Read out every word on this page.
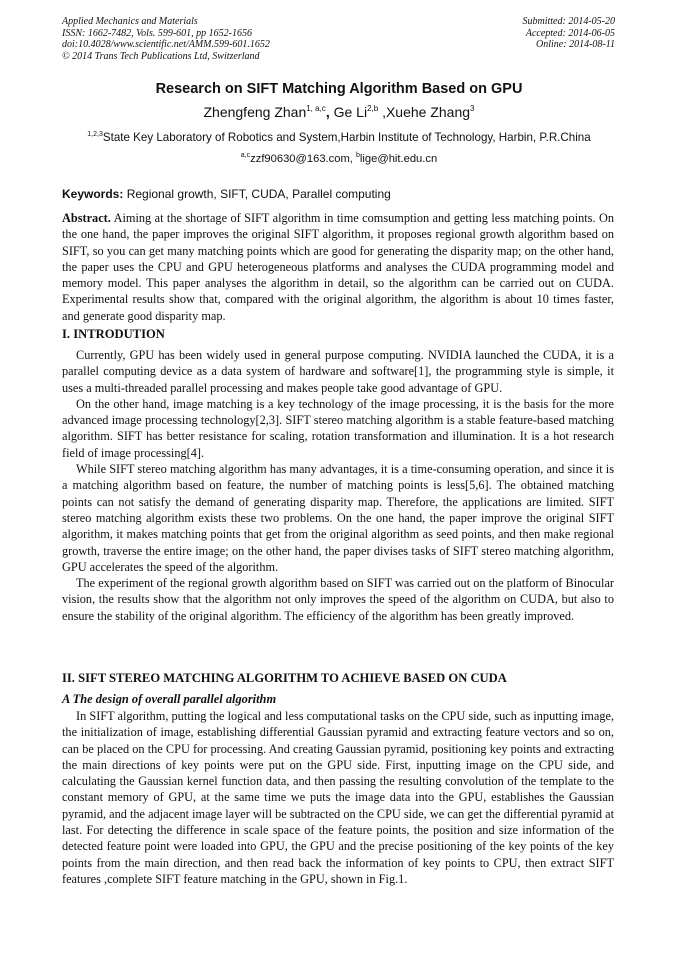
Applied Mechanics and Materials
ISSN: 1662-7482, Vols. 599-601, pp 1652-1656
doi:10.4028/www.scientific.net/AMM.599-601.1652
© 2014 Trans Tech Publications Ltd, Switzerland
Submitted: 2014-05-20
Accepted: 2014-06-05
Online: 2014-08-11
Research on SIFT Matching Algorithm Based on GPU
Zhengfeng Zhan$^{1, a,c}$, Ge Li$^{2,b}$ ,Xuehe Zhang$^3$
$^{1,2,3}$State Key Laboratory of Robotics and System,Harbin Institute of Technology, Harbin, P.R.China
$^{a,c}$zzf90630@163.com, $^b$lige@hit.edu.cn
Keywords: Regional growth, SIFT, CUDA, Parallel computing

Abstract. Aiming at the shortage of SIFT algorithm in time comsumption and getting less matching points. On the one hand, the paper improves the original SIFT algorithm, it proposes regional growth algorithm based on SIFT, so you can get many matching points which are good for generating the disparity map; on the other hand, the paper uses the CPU and GPU heterogeneous platforms and analyses the CUDA programming model and memory model. This paper analyses the algorithm in detail, so the algorithm can be carried out on CUDA. Experimental results show that, compared with the original algorithm, the algorithm is about 10 times faster, and generate good disparity map.

I. INTRODUTION

Currently, GPU has been widely used in general purpose computing. NVIDIA launched the CUDA, it is a parallel computing device as a data system of hardware and software[1], the programming style is simple, it uses a multi-threaded parallel processing and makes people take good advantage of GPU.

On the other hand, image matching is a key technology of the image processing, it is the basis for the more advanced image processing technology[2,3]. SIFT stereo matching algorithm is a stable feature-based matching algorithm. SIFT has better resistance for scaling, rotation transformation and illumination. It is a hot research field of image processing[4].

While SIFT stereo matching algorithm has many advantages, it is a time-consuming operation, and since it is a matching algorithm based on feature, the number of matching points is less[5,6]. The obtained matching points can not satisfy the demand of generating disparity map. Therefore, the applications are limited. SIFT stereo matching algorithm exists these two problems. On the one hand, the paper improve the original SIFT algorithm, it makes matching points that get from the original algorithm as seed points, and then make regional growth, traverse the entire image; on the other hand, the paper divises tasks of SIFT stereo matching algorithm, GPU accelerates the speed of the algorithm.

The experiment of the regional growth algorithm based on SIFT was carried out on the platform of Binocular vision, the results show that the algorithm not only improves the speed of the algorithm on CUDA, but also to ensure the stability of the original algorithm. The efficiency of the algorithm has been greatly improved.

II. SIFT STEREO MATCHING ALGORITHM TO ACHIEVE BASED ON CUDA
A The design of overall parallel algorithm

In SIFT algorithm, putting the logical and less computational tasks on the CPU side, such as inputting image, the initialization of image, establishing differential Gaussian pyramid and extracting feature vectors and so on, can be placed on the CPU for processing. And creating Gaussian pyramid, positioning key points and extracting the main directions of key points were put on the GPU side. First, inputting image on the CPU side, and calculating the Gaussian kernel function data, and then passing the resulting convolution of the template to the constant memory of GPU, at the same time we puts the image data into the GPU, establishes the Gaussian pyramid, and the adjacent image layer will be subtracted on the CPU side, we can get the differential pyramid at last. For detecting the difference in scale space of the feature points, the position and size information of the detected feature point were loaded into GPU, the GPU and the precise positioning of the key points of the key points from the main direction, and then read back the information of key points to CPU, then extract SIFT features ,complete SIFT feature matching in the GPU, shown in Fig.1.
